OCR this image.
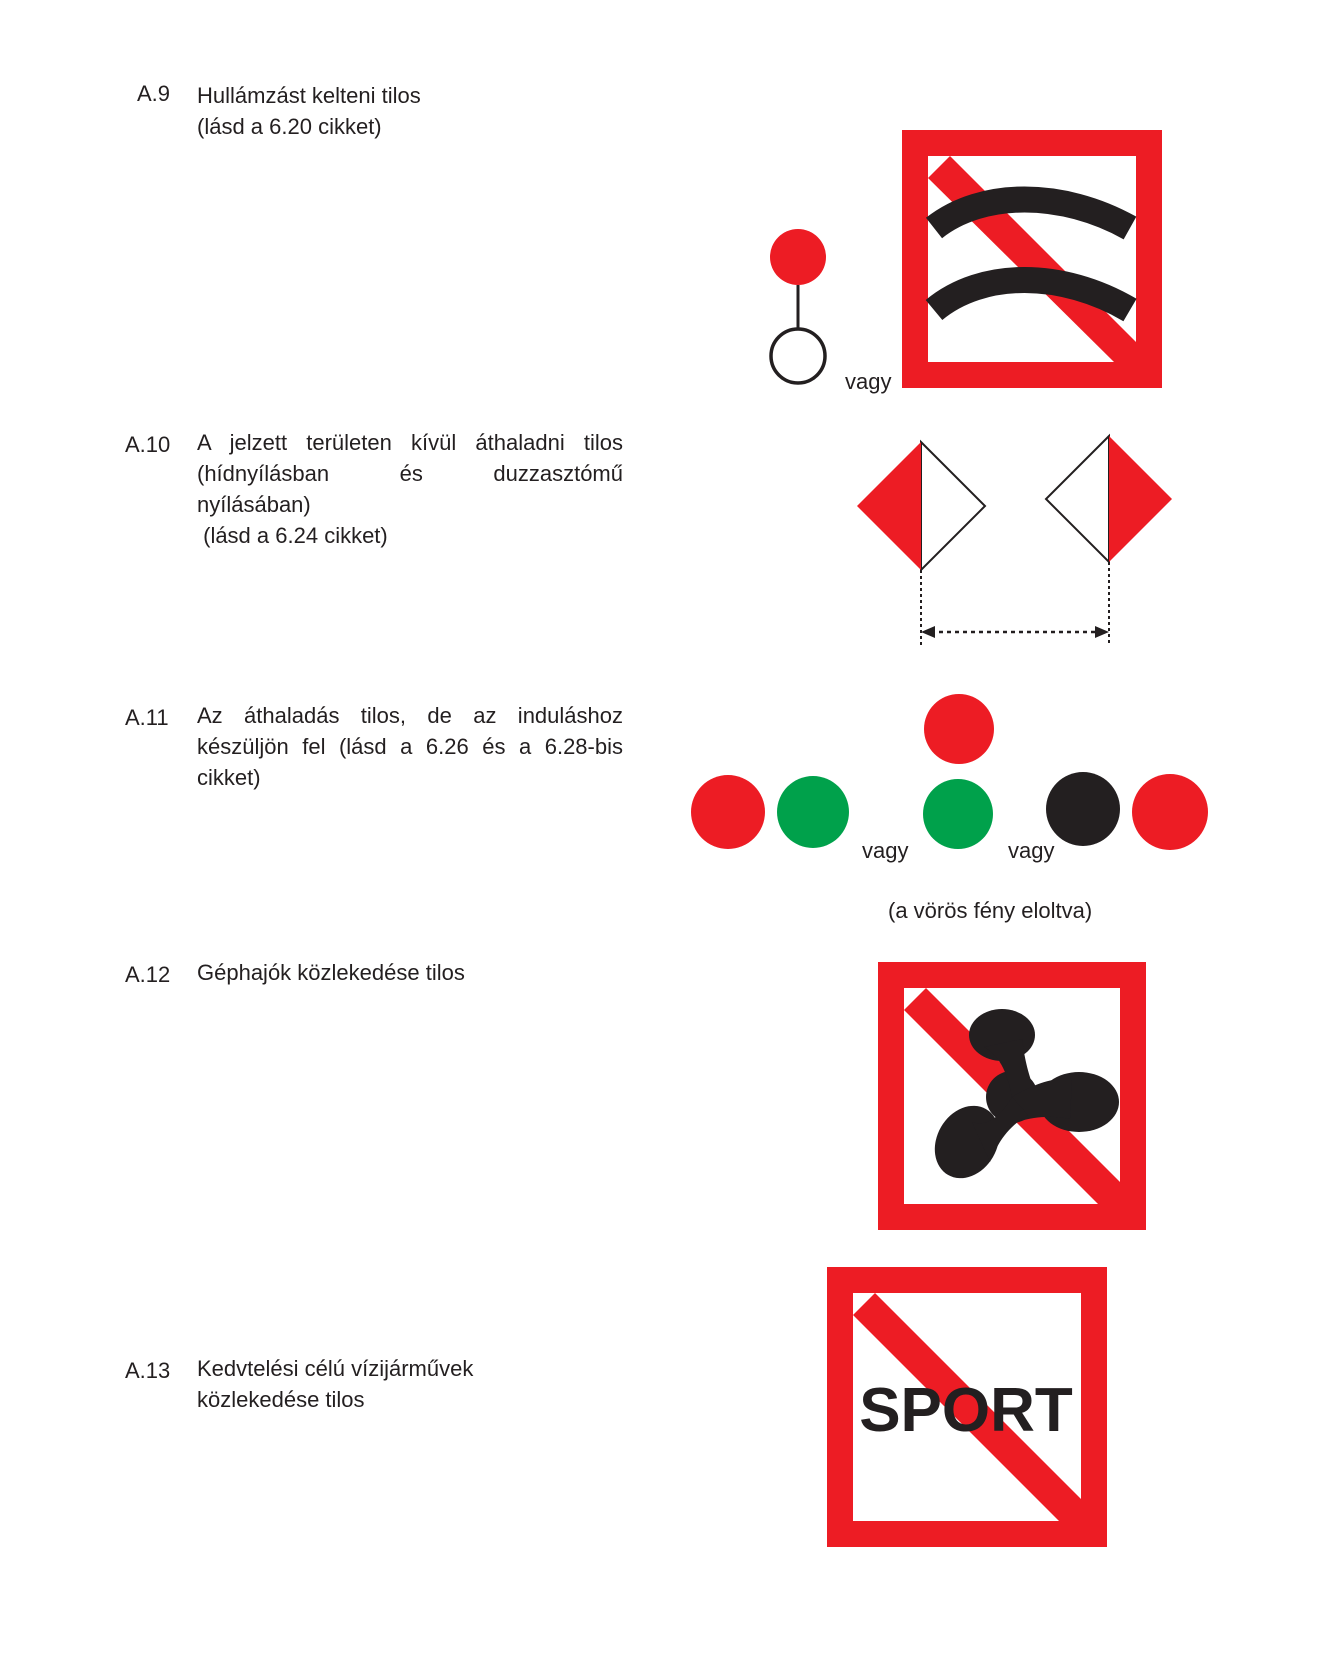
A.9 Hullámzást kelteni tilos
(lásd a 6.20 cikket)
vagy
A.10 A jelzett területen kívül áthaladni tilos
(hídnyílásban és duzzasztómű
nyílásában)
(lásd a 6.24 cikket)
A.11 Az áthaladás tilos, de az induláshoz
készüljön fel (lásd a 6.26 és a 6.28-bis
cikket)
vagy	vagy
(a vörös fény eloltva)
A.12 Géphajók közlekedése tilos
A.13 Kedvtelési célú vízijárművek
közlekedése tilos	SPORT
